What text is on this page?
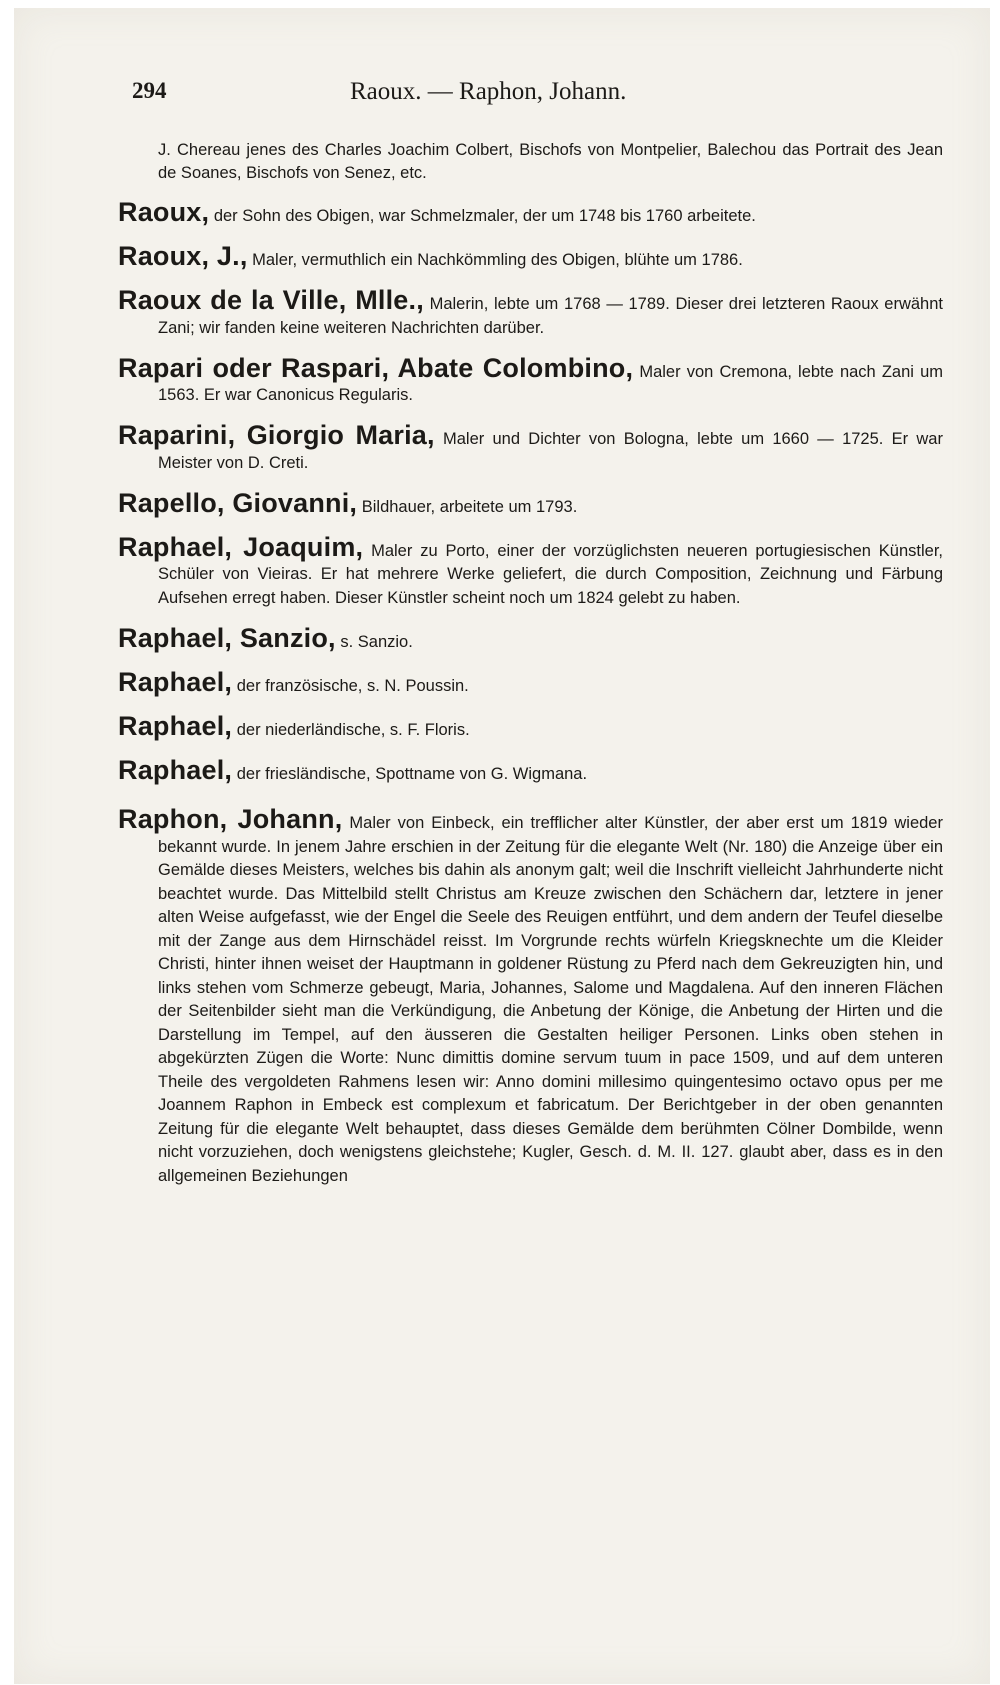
294	Raoux. — Raphon, Johann.

J. Chereau jenes des Charles Joachim Colbert, Bischofs von Montpelier, Balechou das Portrait des Jean de Soanes, Bischofs von Senez, etc.

Raoux, der Sohn des Obigen, war Schmelzmaler, der um 1748 bis 1760 arbeitete.

Raoux, J., Maler, vermuthlich ein Nachkömmling des Obigen, blühte um 1786.

Raoux de la Ville, Mlle., Malerin, lebte um 1768 — 1789. Dieser drei letzteren Raoux erwähnt Zani; wir fanden keine weiteren Nachrichten darüber.

Rapari oder Raspari, Abate Colombino, Maler von Cremona, lebte nach Zani um 1563. Er war Canonicus Regularis.

Raparini, Giorgio Maria, Maler und Dichter von Bologna, lebte um 1660 — 1725. Er war Meister von D. Creti.

Rapello, Giovanni, Bildhauer, arbeitete um 1793.

Raphael, Joaquim, Maler zu Porto, einer der vorzüglichsten neueren portugiesischen Künstler, Schüler von Vieiras. Er hat mehrere Werke geliefert, die durch Composition, Zeichnung und Färbung Aufsehen erregt haben. Dieser Künstler scheint noch um 1824 gelebt zu haben.

Raphael, Sanzio, s. Sanzio.

Raphael, der französische, s. N. Poussin.

Raphael, der niederländische, s. F. Floris.

Raphael, der friesländische, Spottname von G. Wigmana.

Raphon, Johann, Maler von Einbeck, ein trefflicher alter Künstler, der aber erst um 1819 wieder bekannt wurde. In jenem Jahre erschien in der Zeitung für die elegante Welt (Nr. 180) die Anzeige über ein Gemälde dieses Meisters, welches bis dahin als anonym galt; weil die Inschrift vielleicht Jahrhunderte nicht beachtet wurde. Das Mittelbild stellt Christus am Kreuze zwischen den Schächern dar, letztere in jener alten Weise aufgefasst, wie der Engel die Seele des Reuigen entführt, und dem andern der Teufel dieselbe mit der Zange aus dem Hirnschädel reisst. Im Vorgrunde rechts würfeln Kriegsknechte um die Kleider Christi, hinter ihnen weiset der Hauptmann in goldener Rüstung zu Pferd nach dem Gekreuzigten hin, und links stehen vom Schmerze gebeugt, Maria, Johannes, Salome und Magdalena. Auf den inneren Flächen der Seitenbilder sieht man die Verkündigung, die Anbetung der Könige, die Anbetung der Hirten und die Darstellung im Tempel, auf den äusseren die Gestalten heiliger Personen. Links oben stehen in abgekürzten Zügen die Worte: Nunc dimittis domine servum tuum in pace 1509, und auf dem unteren Theile des vergoldeten Rahmens lesen wir: Anno domini millesimo quingentesimo octavo opus per me Joannem Raphon in Embeck est complexum et fabricatum. Der Berichtgeber in der oben genannten Zeitung für die elegante Welt behauptet, dass dieses Gemälde dem berühmten Cölner Dombilde, wenn nicht vorzuziehen, doch wenigstens gleichstehe; Kugler, Gesch. d. M. II. 127. glaubt aber, dass es in den allgemeinen Beziehungen
